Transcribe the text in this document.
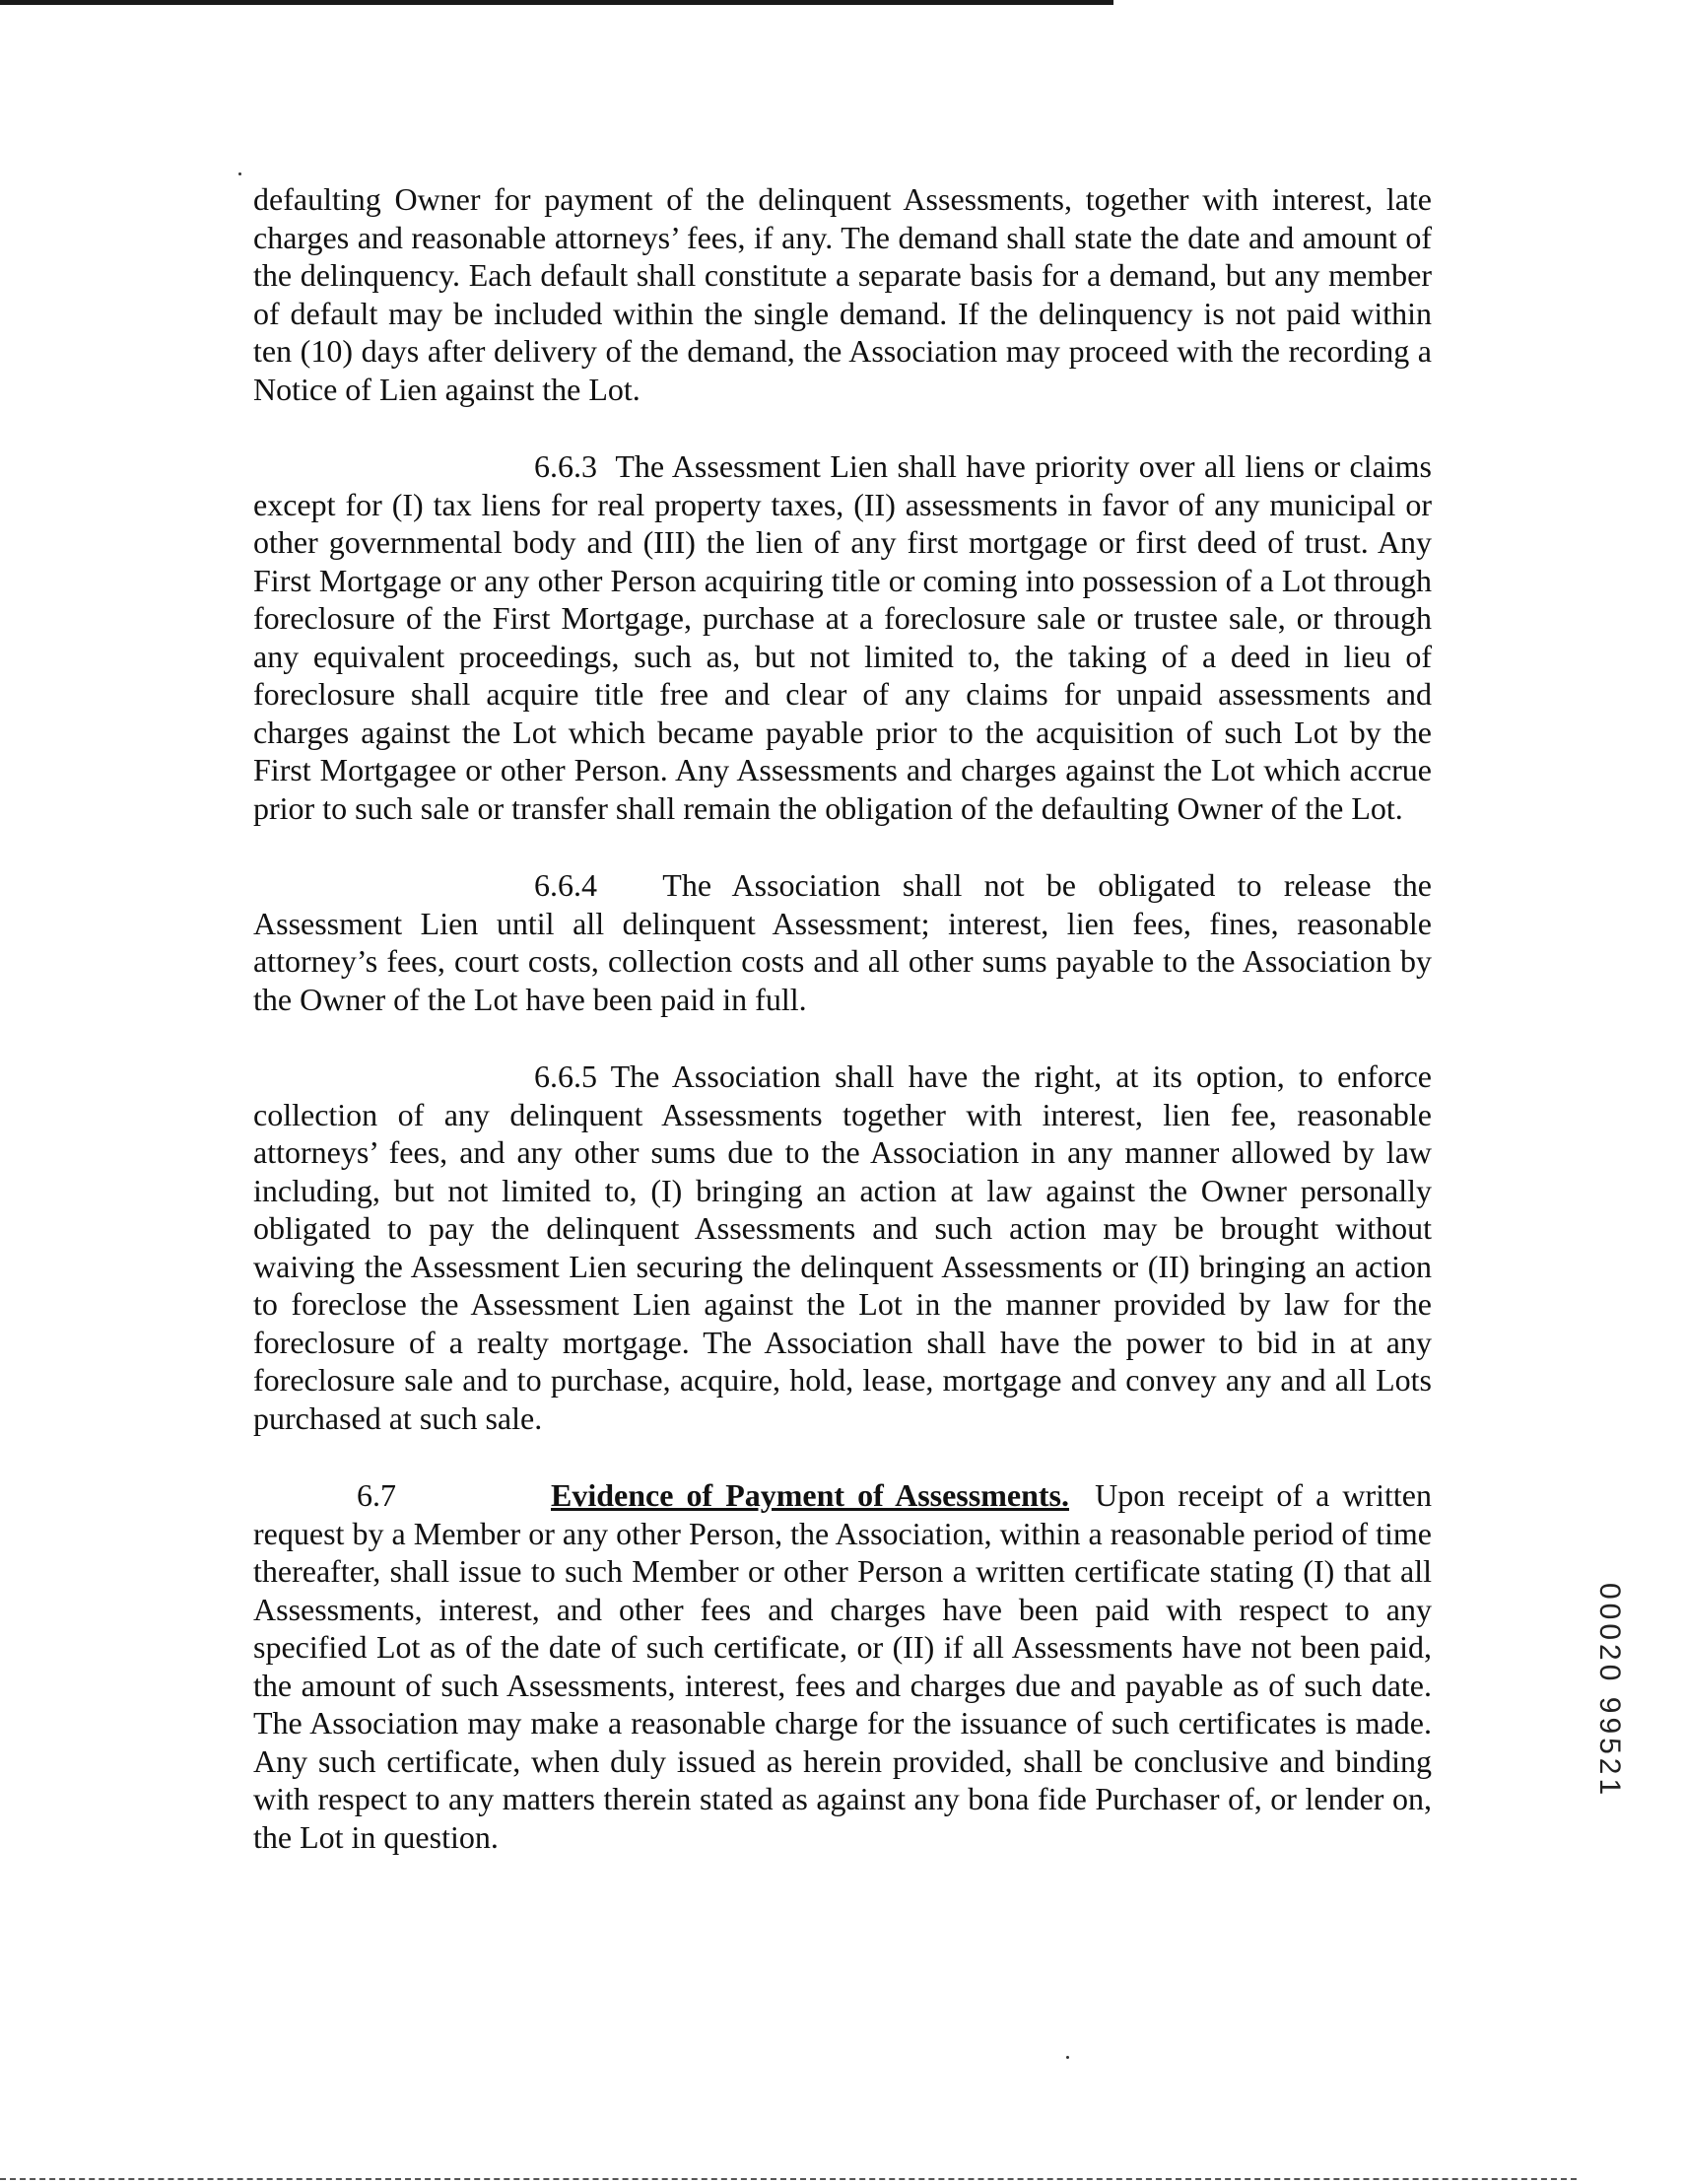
defaulting Owner for payment of the delinquent Assessments, together with interest, late charges and reasonable attorneys’ fees, if any. The demand shall state the date and amount of the delinquency. Each default shall constitute a separate basis for a demand, but any member of default may be included within the single demand. If the delinquency is not paid within ten (10) days after delivery of the demand, the Association may proceed with the recording a Notice of Lien against the Lot.

6.6.3 The Assessment Lien shall have priority over all liens or claims except for (I) tax liens for real property taxes, (II) assessments in favor of any municipal or other governmental body and (III) the lien of any first mortgage or first deed of trust. Any First Mortgage or any other Person acquiring title or coming into possession of a Lot through foreclosure of the First Mortgage, purchase at a foreclosure sale or trustee sale, or through any equivalent proceedings, such as, but not limited to, the taking of a deed in lieu of foreclosure shall acquire title free and clear of any claims for unpaid assessments and charges against the Lot which became payable prior to the acquisition of such Lot by the First Mortgagee or other Person. Any Assessments and charges against the Lot which accrue prior to such sale or transfer shall remain the obligation of the defaulting Owner of the Lot.

6.6.4 The Association shall not be obligated to release the Assessment Lien until all delinquent Assessment; interest, lien fees, fines, reasonable attorney’s fees, court costs, collection costs and all other sums payable to the Association by the Owner of the Lot have been paid in full.

6.6.5 The Association shall have the right, at its option, to enforce collection of any delinquent Assessments together with interest, lien fee, reasonable attorneys’ fees, and any other sums due to the Association in any manner allowed by law including, but not limited to, (I) bringing an action at law against the Owner personally obligated to pay the delinquent Assessments and such action may be brought without waiving the Assessment Lien securing the delinquent Assessments or (II) bringing an action to foreclose the Assessment Lien against the Lot in the manner provided by law for the foreclosure of a realty mortgage. The Association shall have the power to bid in at any foreclosure sale and to purchase, acquire, hold, lease, mortgage and convey any and all Lots purchased at such sale.

6.7	Evidence of Payment of Assessments. Upon receipt of a written request by a Member or any other Person, the Association, within a reasonable period of time thereafter, shall issue to such Member or other Person a written certificate stating (I) that all Assessments, interest, and other fees and charges have been paid with respect to any specified Lot as of the date of such certificate, or (II) if all Assessments have not been paid, the amount of such Assessments, interest, fees and charges due and payable as of such date. The Association may make a reasonable charge for the issuance of such certificates is made. Any such certificate, when duly issued as herein provided, shall be conclusive and binding with respect to any matters therein stated as against any bona fide Purchaser of, or lender on, the Lot in question.

00020 99521
